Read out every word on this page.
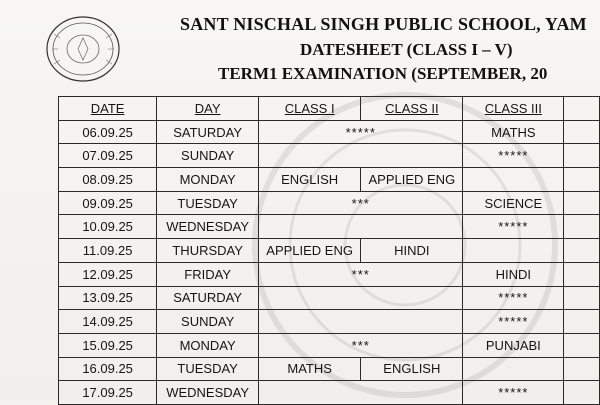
SANT NISCHAL SINGH PUBLIC SCHOOL, YAM
DATESHEET (CLASS I – V)
TERM1 EXAMINATION (SEPTEMBER, 20
DATE	DAY	CLASS I	CLASS II	CLASS III	
06.09.25	SATURDAY	*****		MATHS	
07.09.25	SUNDAY			*****	
08.09.25	MONDAY	ENGLISH	APPLIED ENG		
09.09.25	TUESDAY	***		SCIENCE	
10.09.25	WEDNESDAY			*****	
11.09.25	THURSDAY	APPLIED ENG	HINDI		
12.09.25	FRIDAY	***		HINDI	
13.09.25	SATURDAY			*****	
14.09.25	SUNDAY			*****	
15.09.25	MONDAY	***		PUNJABI	
16.09.25	TUESDAY	MATHS	ENGLISH		
17.09.25	WEDNESDAY			*****	
